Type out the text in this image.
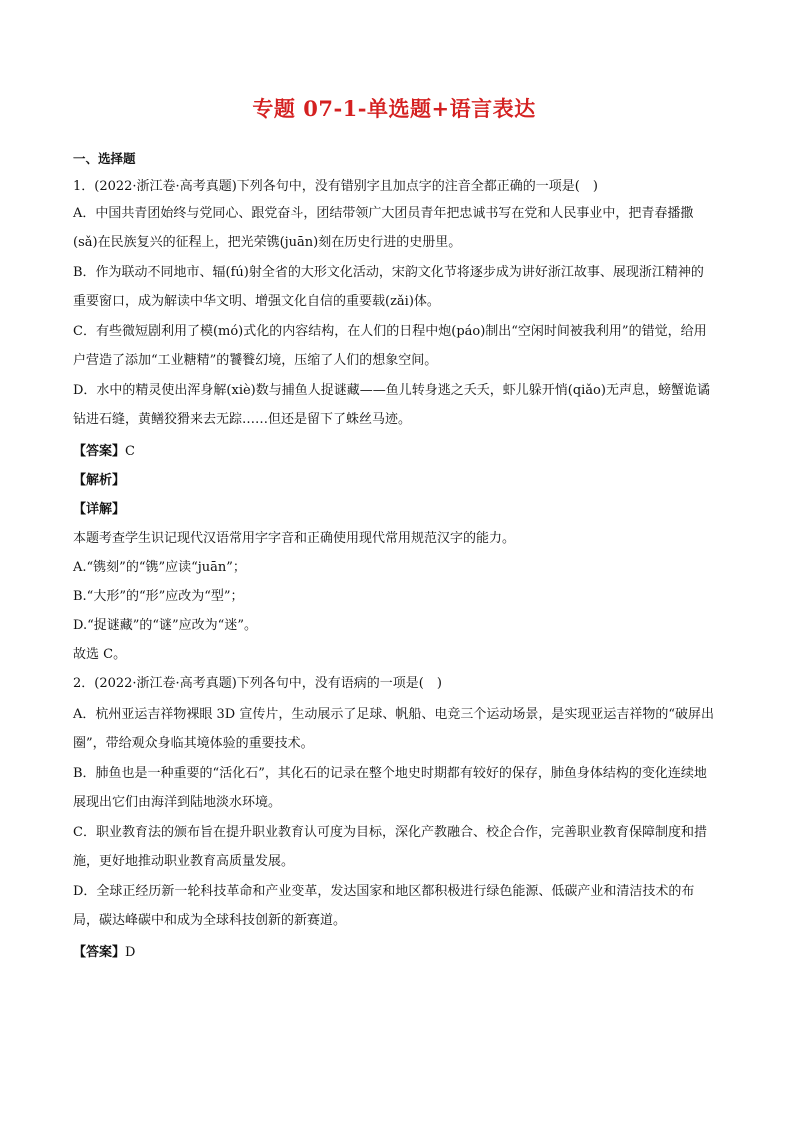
专题 07-1-单选题+语言表达
一、选择题
1．(2022·浙江卷·高考真题)下列各句中，没有错别字且加点字的注音全都正确的一项是(　)
A．中国共青团始终与党同心、跟党奋斗，团结带领广大团员青年把忠诚书写在党和人民事业中，把青春播撒(sǎ)在民族复兴的征程上，把光荣镌(juān)刻在历史行进的史册里。
B．作为联动不同地市、辐(fú)射全省的大形文化活动，宋韵文化节将逐步成为讲好浙江故事、展现浙江精神的重要窗口，成为解读中华文明、增强文化自信的重要载(zǎi)体。
C．有些微短剧利用了模(mó)式化的内容结构，在人们的日程中炮(páo)制出“空闲时间被我利用”的错觉，给用户营造了添加“工业糖精”的饕餮幻境，压缩了人们的想象空间。
D．水中的精灵使出浑身解(xiè)数与捕鱼人捉谜藏——鱼儿转身逃之夭夭，虾儿躲开悄(qiǎo)无声息，螃蟹诡谲钻进石缝，黄鳝狡猾来去无踪……但还是留下了蛛丝马迹。
【答案】C
【解析】
【详解】
本题考查学生识记现代汉语常用字字音和正确使用现代常用规范汉字的能力。
A.“镌刻”的“镌”应读“juān”；
B.“大形”的“形”应改为“型”；
D.“捉谜藏”的“谜”应改为“迷”。
故选 C。
2．(2022·浙江卷·高考真题)下列各句中，没有语病的一项是(　)
A．杭州亚运吉祥物裸眼 3D 宣传片，生动展示了足球、帆船、电竞三个运动场景，是实现亚运吉祥物的“破屏出圈”，带给观众身临其境体验的重要技术。
B．肺鱼也是一种重要的“活化石”，其化石的记录在整个地史时期都有较好的保存，肺鱼身体结构的变化连续地展现出它们由海洋到陆地淡水环境。
C．职业教育法的颁布旨在提升职业教育认可度为目标，深化产教融合、校企合作，完善职业教育保障制度和措施，更好地推动职业教育高质量发展。
D．全球正经历新一轮科技革命和产业变革，发达国家和地区都积极进行绿色能源、低碳产业和清洁技术的布局，碳达峰碳中和成为全球科技创新的新赛道。
【答案】D
